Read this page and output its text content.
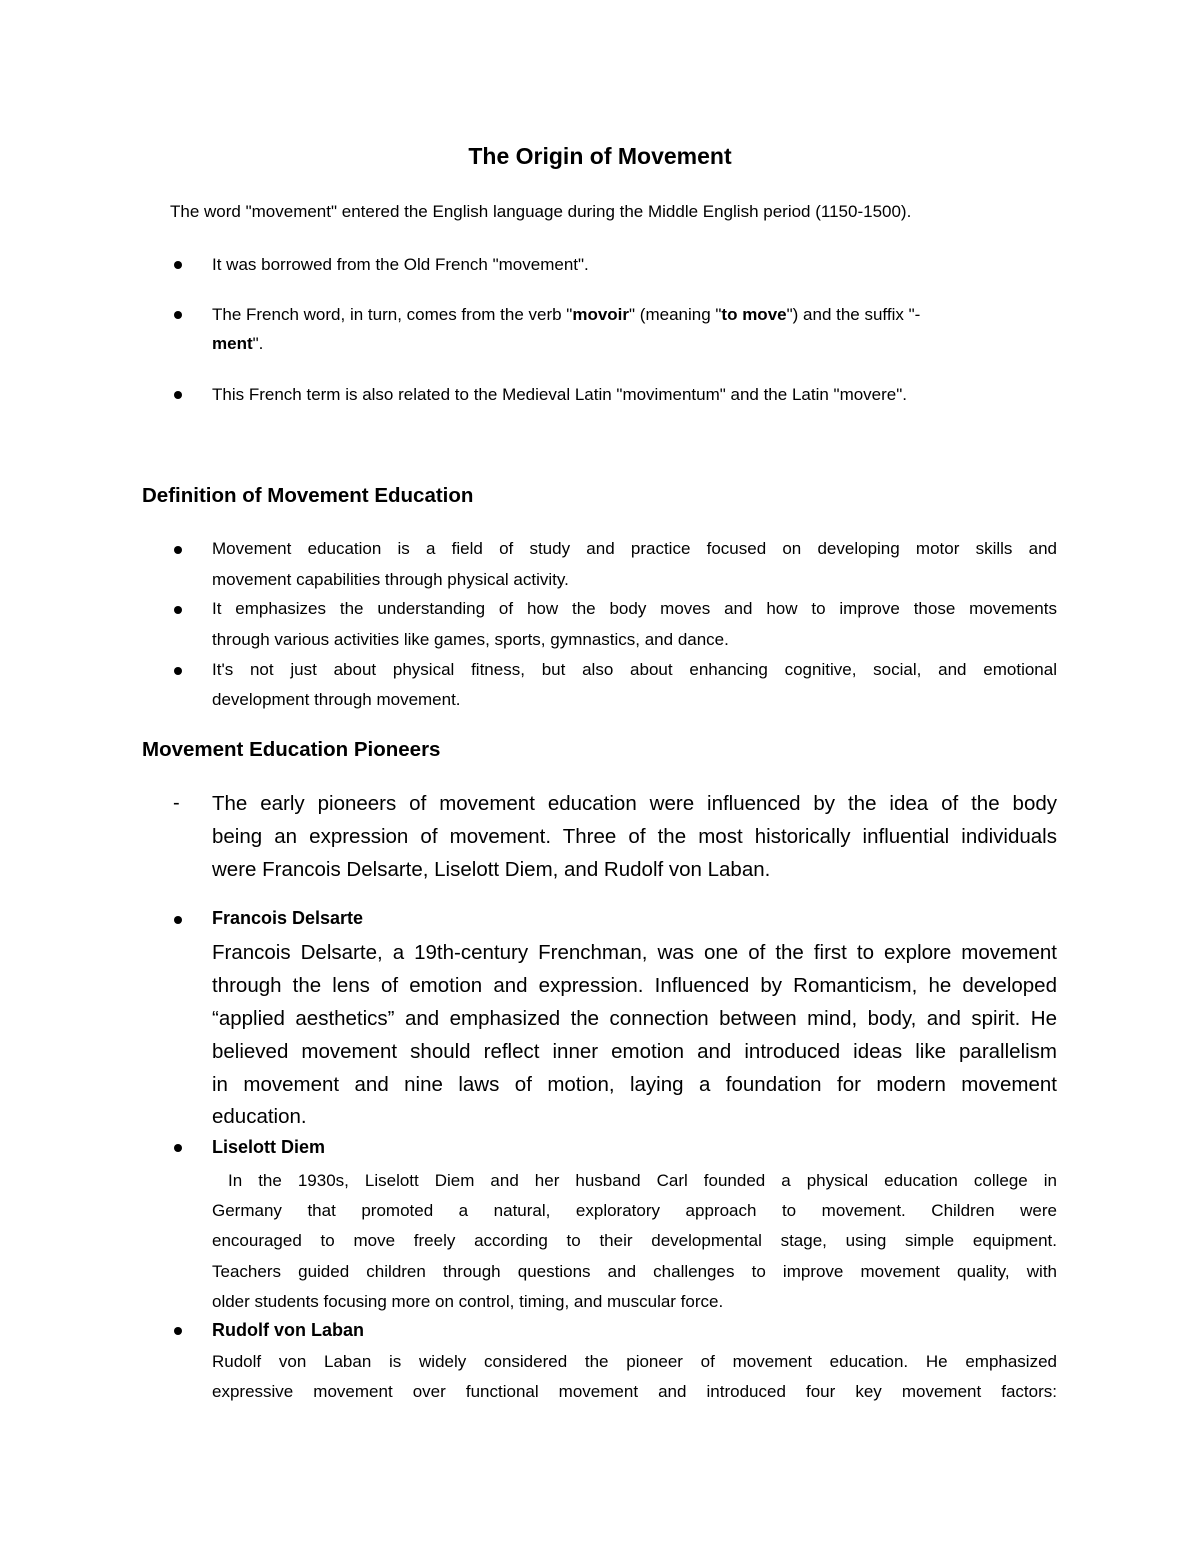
The Origin of Movement
The word "movement" entered the English language during the Middle English period (1150-1500).
It was borrowed from the Old French "movement".
The French word, in turn, comes from the verb "movoir" (meaning "to move") and the suffix "-
ment".
This French term is also related to the Medieval Latin "movimentum" and the Latin "movere".
Definition of Movement Education
Movement education is a field of study and practice focused on developing motor skills and
movement capabilities through physical activity.
It emphasizes the understanding of how the body moves and how to improve those movements
through various activities like games, sports, gymnastics, and dance.
It's not just about physical fitness, but also about enhancing cognitive, social, and emotional
development through movement.
Movement Education Pioneers
- The early pioneers of movement education were influenced by the idea of the body
being an expression of movement. Three of the most historically influential individuals
were Francois Delsarte, Liselott Diem, and Rudolf von Laban.
Francois Delsarte
Francois Delsarte, a 19th-century Frenchman, was one of the first to explore movement
through the lens of emotion and expression. Influenced by Romanticism, he developed
“applied aesthetics” and emphasized the connection between mind, body, and spirit. He
believed movement should reflect inner emotion and introduced ideas like parallelism
in movement and nine laws of motion, laying a foundation for modern movement
education.
Liselott Diem
In the 1930s, Liselott Diem and her husband Carl founded a physical education college in
Germany that promoted a natural, exploratory approach to movement. Children were
encouraged to move freely according to their developmental stage, using simple equipment.
Teachers guided children through questions and challenges to improve movement quality, with
older students focusing more on control, timing, and muscular force.
Rudolf von Laban
Rudolf von Laban is widely considered the pioneer of movement education. He emphasized
expressive movement over functional movement and introduced four key movement factors:
